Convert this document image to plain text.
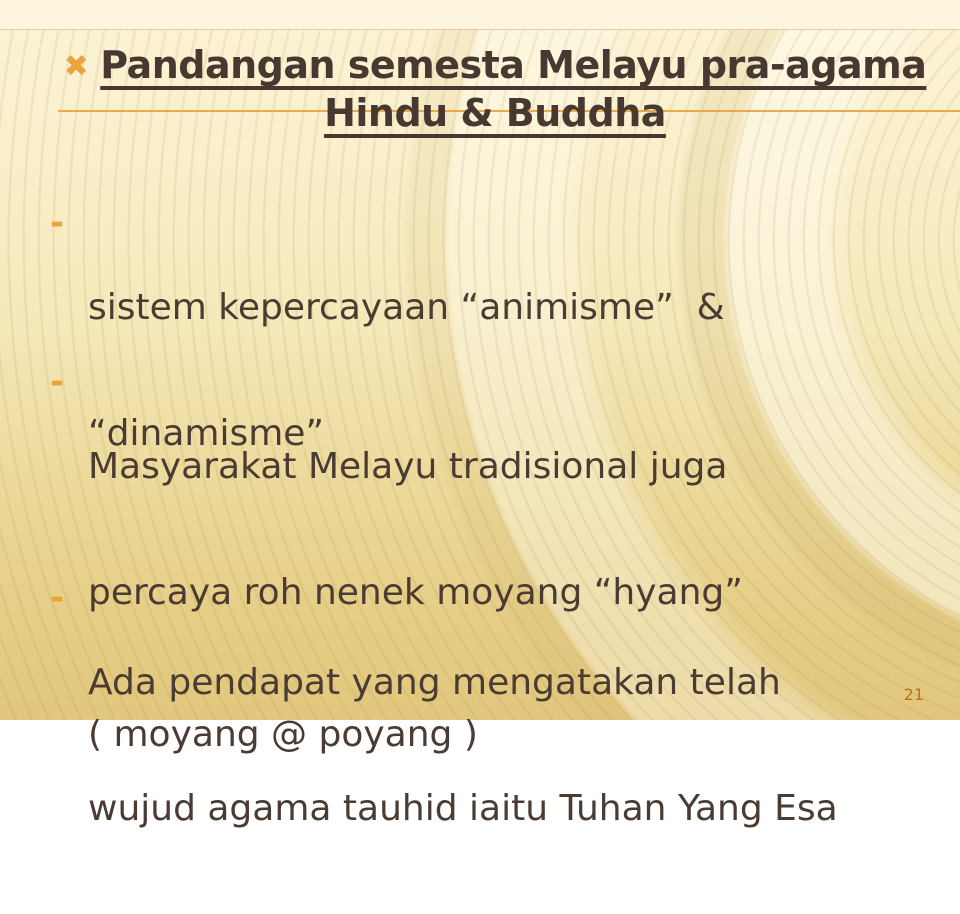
✖ Pandangan semesta Melayu pra-agama
Hindu & Buddha
-

sistem kepercayaan “animisme”  &

“dinamisme”

-

Masyarakat Melayu tradisional juga

percaya roh nenek moyang “hyang”

( moyang @ poyang )

-

Ada pendapat yang mengatakan telah

wujud agama tauhid iaitu Tuhan Yang Esa

21
